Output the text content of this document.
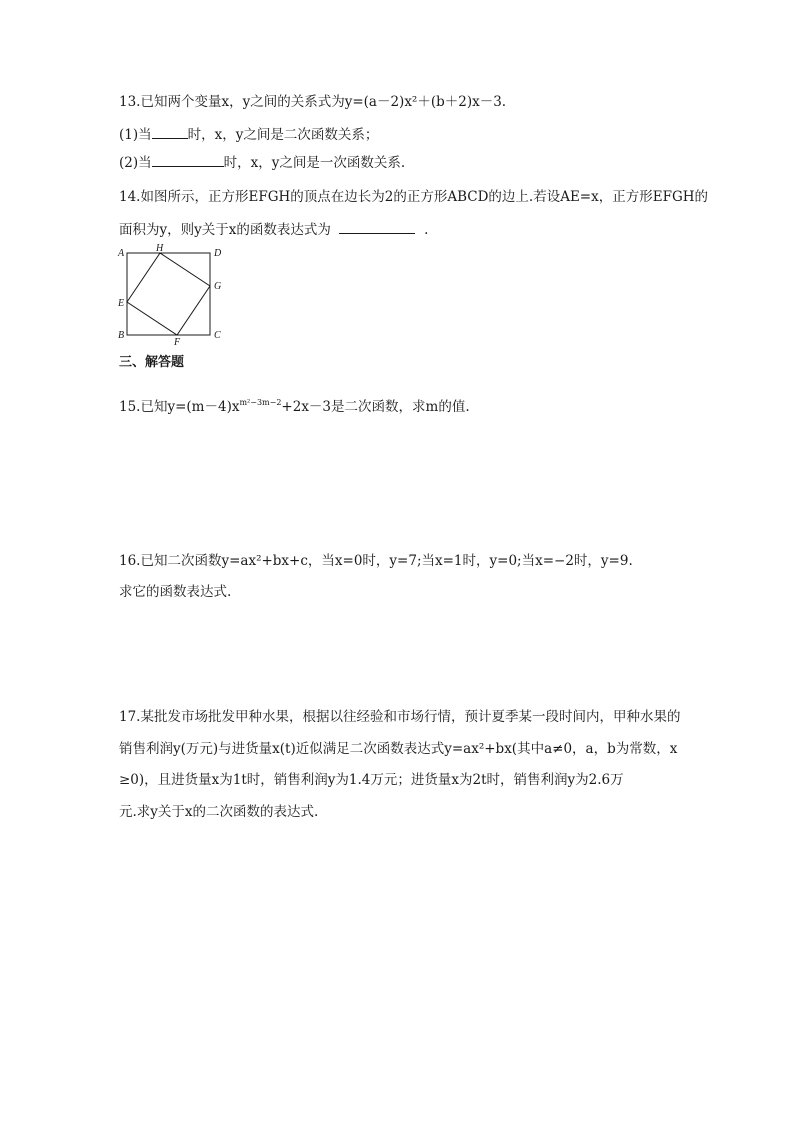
13.已知两个变量x，y之间的关系式为y=(a－2)x²＋(b＋2)x－3.
(1)当	时，x，y之间是二次函数关系；
(2)当	时，x，y之间是一次函数关系.
14.如图所示，正方形EFGH的顶点在边长为2的正方形ABCD的边上.若设AE=x，正方形EFGH的
面积为y，则y关于x的函数表达式为	.
A	H	D
E
G
B
F
C
三、解答题
15.已知$y=(m-4)x^{m^2-3m-2}+2x-3$是二次函数，求m的值.
16.已知二次函数y=ax²+bx+c，当x=0时，y=7;当x=1时，y=0;当x=−2时，y=9.
求它的函数表达式.
17.某批发市场批发甲种水果，根据以往经验和市场行情，预计夏季某一段时间内，甲种水果的
销售利润y(万元)与进货量x(t)近似满足二次函数表达式y=ax²+bx(其中a≠0，a，b为常数，x
≥0)，且进货量x为1t时，销售利润y为1.4万元；进货量x为2t时，销售利润y为2.6万
元.求y关于x的二次函数的表达式.
